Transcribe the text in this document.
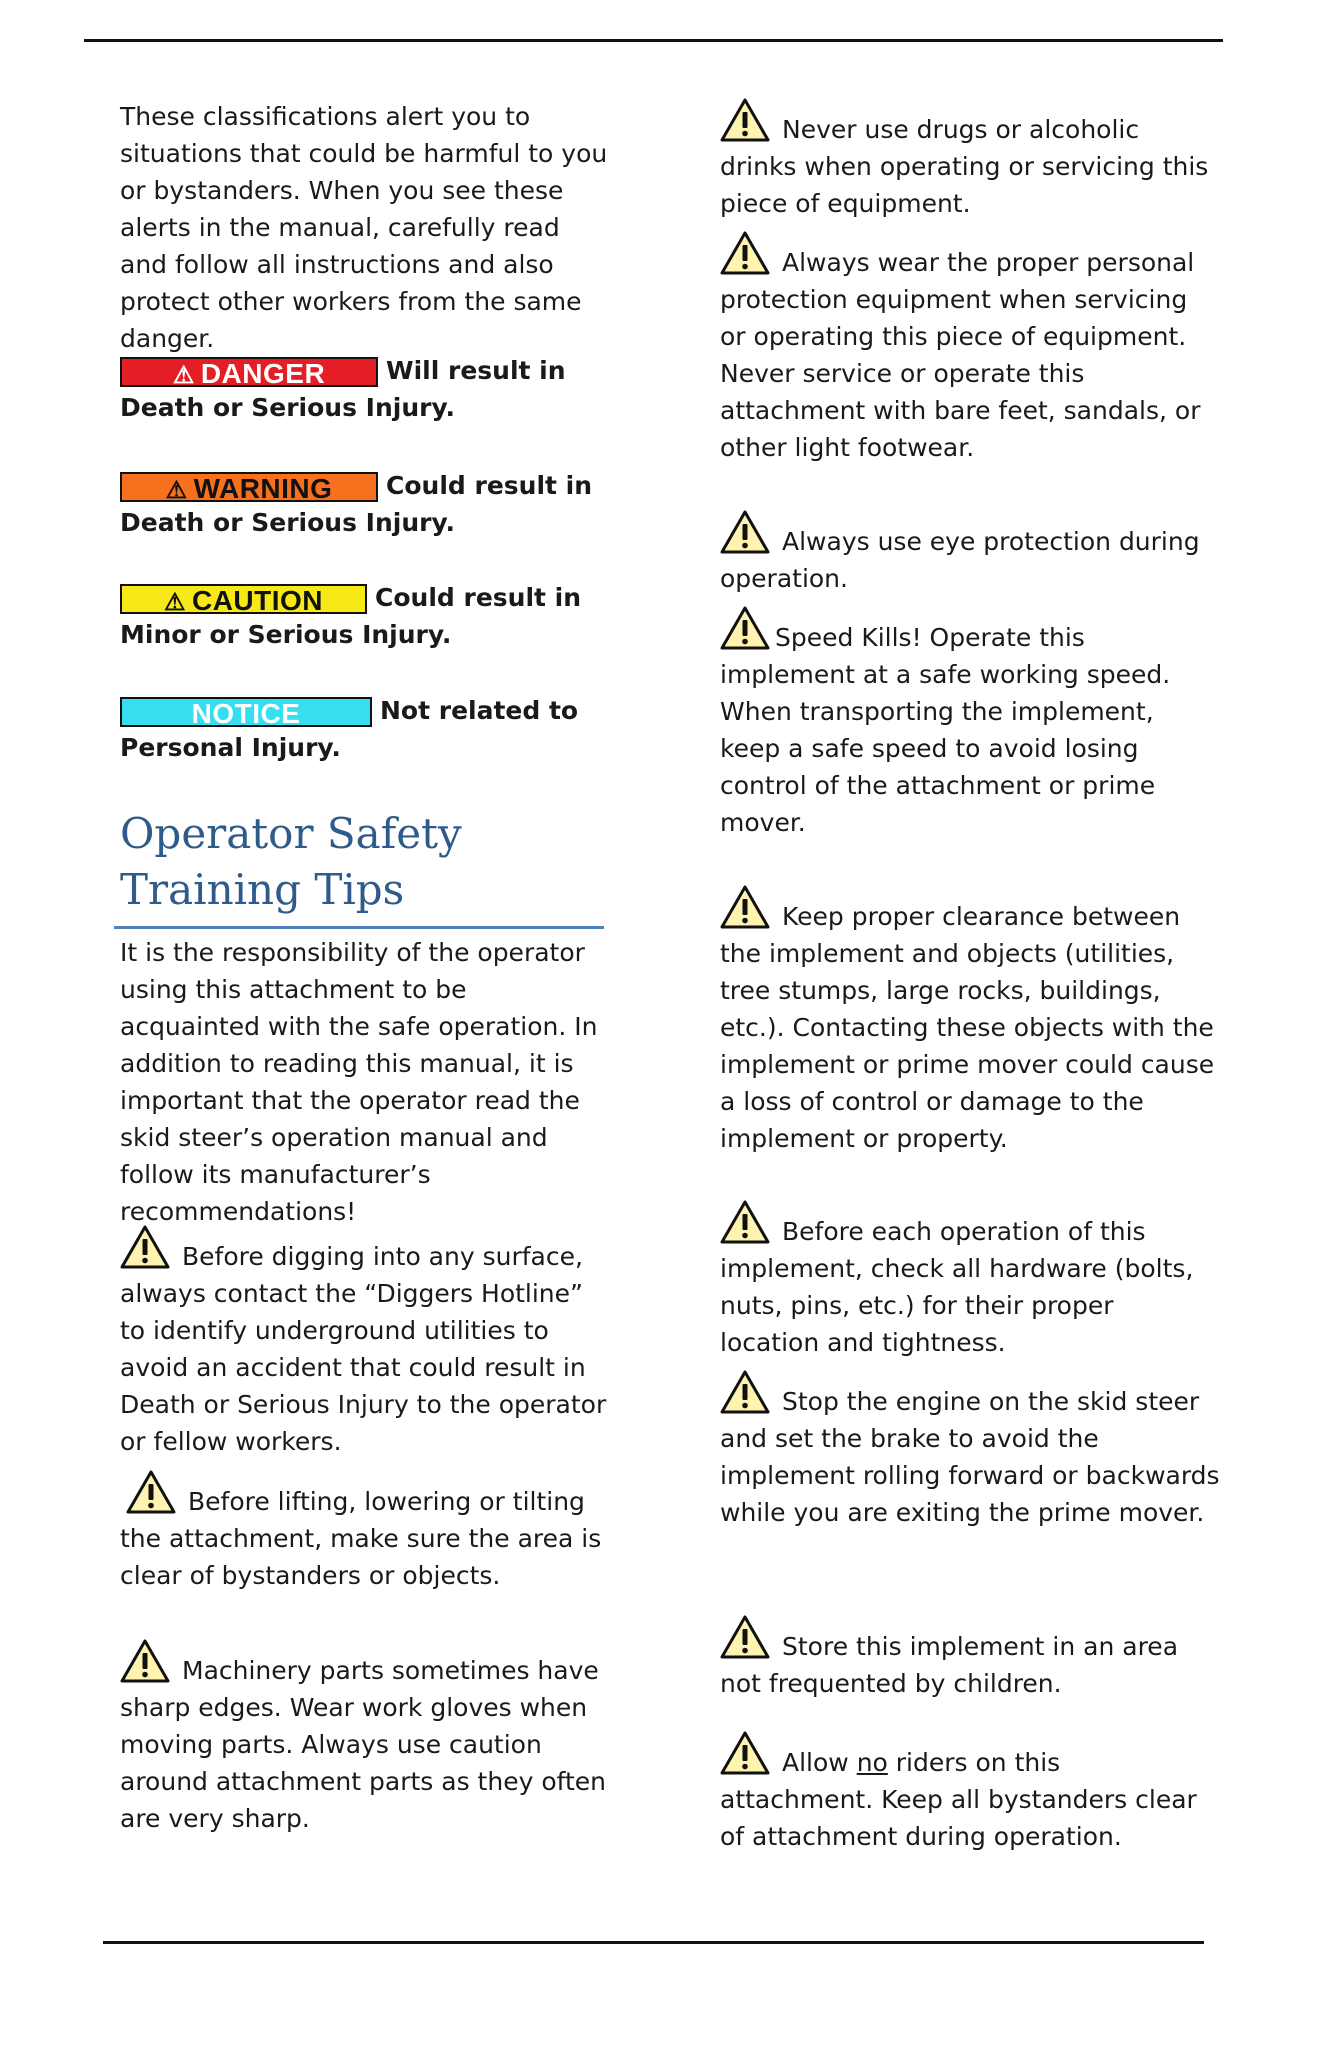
These classifications alert you to situations that could be harmful to you or bystanders. When you see these alerts in the manual, carefully read and follow all instructions and also protect other workers from the same danger.
⚠ DANGER Will result in
Death or Serious Injury.
⚠ WARNING Could result in
Death or Serious Injury.
⚠ CAUTION Could result in
Minor or Serious Injury.
NOTICE	Not related to
Personal Injury.
Operator Safety
Training Tips
It is the responsibility of the operator using this attachment to be acquainted with the safe operation. In addition to reading this manual, it is important that the operator read the skid steer’s operation manual and follow its manufacturer’s recommendations!
Before digging into any surface, always contact the “Diggers Hotline” to identify underground utilities to avoid an accident that could result in Death or Serious Injury to the operator or fellow workers.
Before lifting, lowering or tilting the attachment, make sure the area is clear of bystanders or objects.
Machinery parts sometimes have sharp edges. Wear work gloves when moving parts. Always use caution around attachment parts as they often are very sharp.
Never use drugs or alcoholic drinks when operating or servicing this piece of equipment.
Always wear the proper personal protection equipment when servicing or operating this piece of equipment. Never service or operate this attachment with bare feet, sandals, or other light footwear.
Always use eye protection during operation.
Speed Kills! Operate this implement at a safe working speed. When transporting the implement, keep a safe speed to avoid losing control of the attachment or prime mover.
Keep proper clearance between the implement and objects (utilities, tree stumps, large rocks, buildings, etc.). Contacting these objects with the implement or prime mover could cause a loss of control or damage to the implement or property.
Before each operation of this implement, check all hardware (bolts, nuts, pins, etc.) for their proper location and tightness.
Stop the engine on the skid steer and set the brake to avoid the implement rolling forward or backwards while you are exiting the prime mover.
Store this implement in an area not frequented by children.
Allow no riders on this attachment. Keep all bystanders clear of attachment during operation.
